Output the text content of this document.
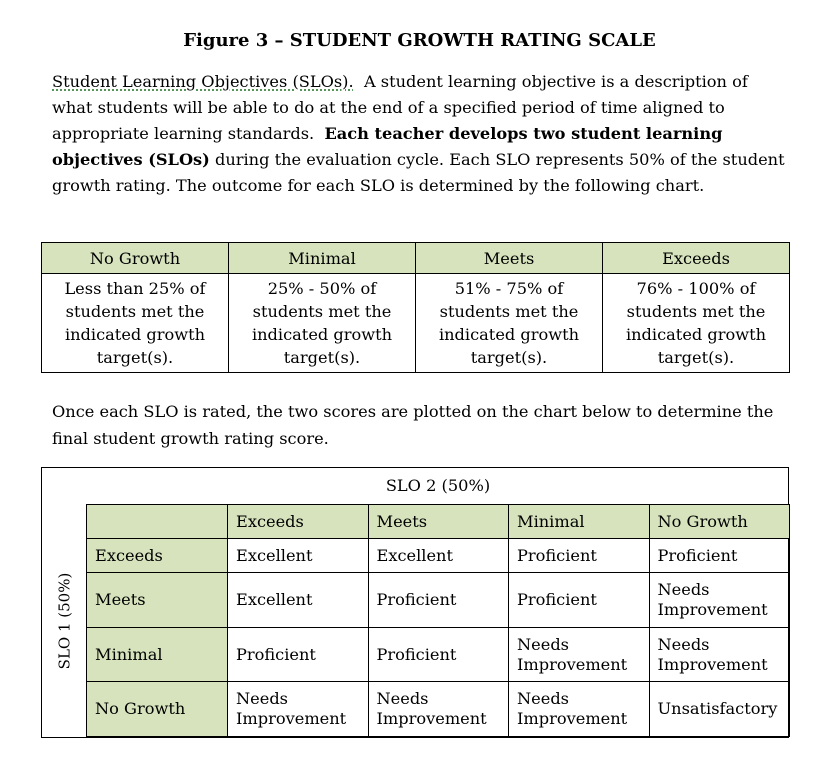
Figure 3 – STUDENT GROWTH RATING SCALE
Student Learning Objectives (SLOs). A student learning objective is a description of what students will be able to do at the end of a specified period of time aligned to appropriate learning standards. Each teacher develops two student learning objectives (SLOs) during the evaluation cycle. Each SLO represents 50% of the student growth rating. The outcome for each SLO is determined by the following chart.
No Growth	Minimal	Meets	Exceeds
Less than 25% of students met the indicated growth target(s).	25% - 50% of students met the indicated growth target(s).	51% - 75% of students met the indicated growth target(s).	76% - 100% of students met the indicated growth target(s).
Once each SLO is rated, the two scores are plotted on the chart below to determine the final student growth rating score.
SLO 2 (50%)
SLO 1 (50%)
	Exceeds	Meets	Minimal	No Growth
Exceeds	Excellent	Excellent	Proficient	Proficient
Meets	Excellent	Proficient	Proficient	Needs Improvement
Minimal	Proficient	Proficient	Needs Improvement	Needs Improvement
No Growth	Needs Improvement	Needs Improvement	Needs Improvement	Unsatisfactory
